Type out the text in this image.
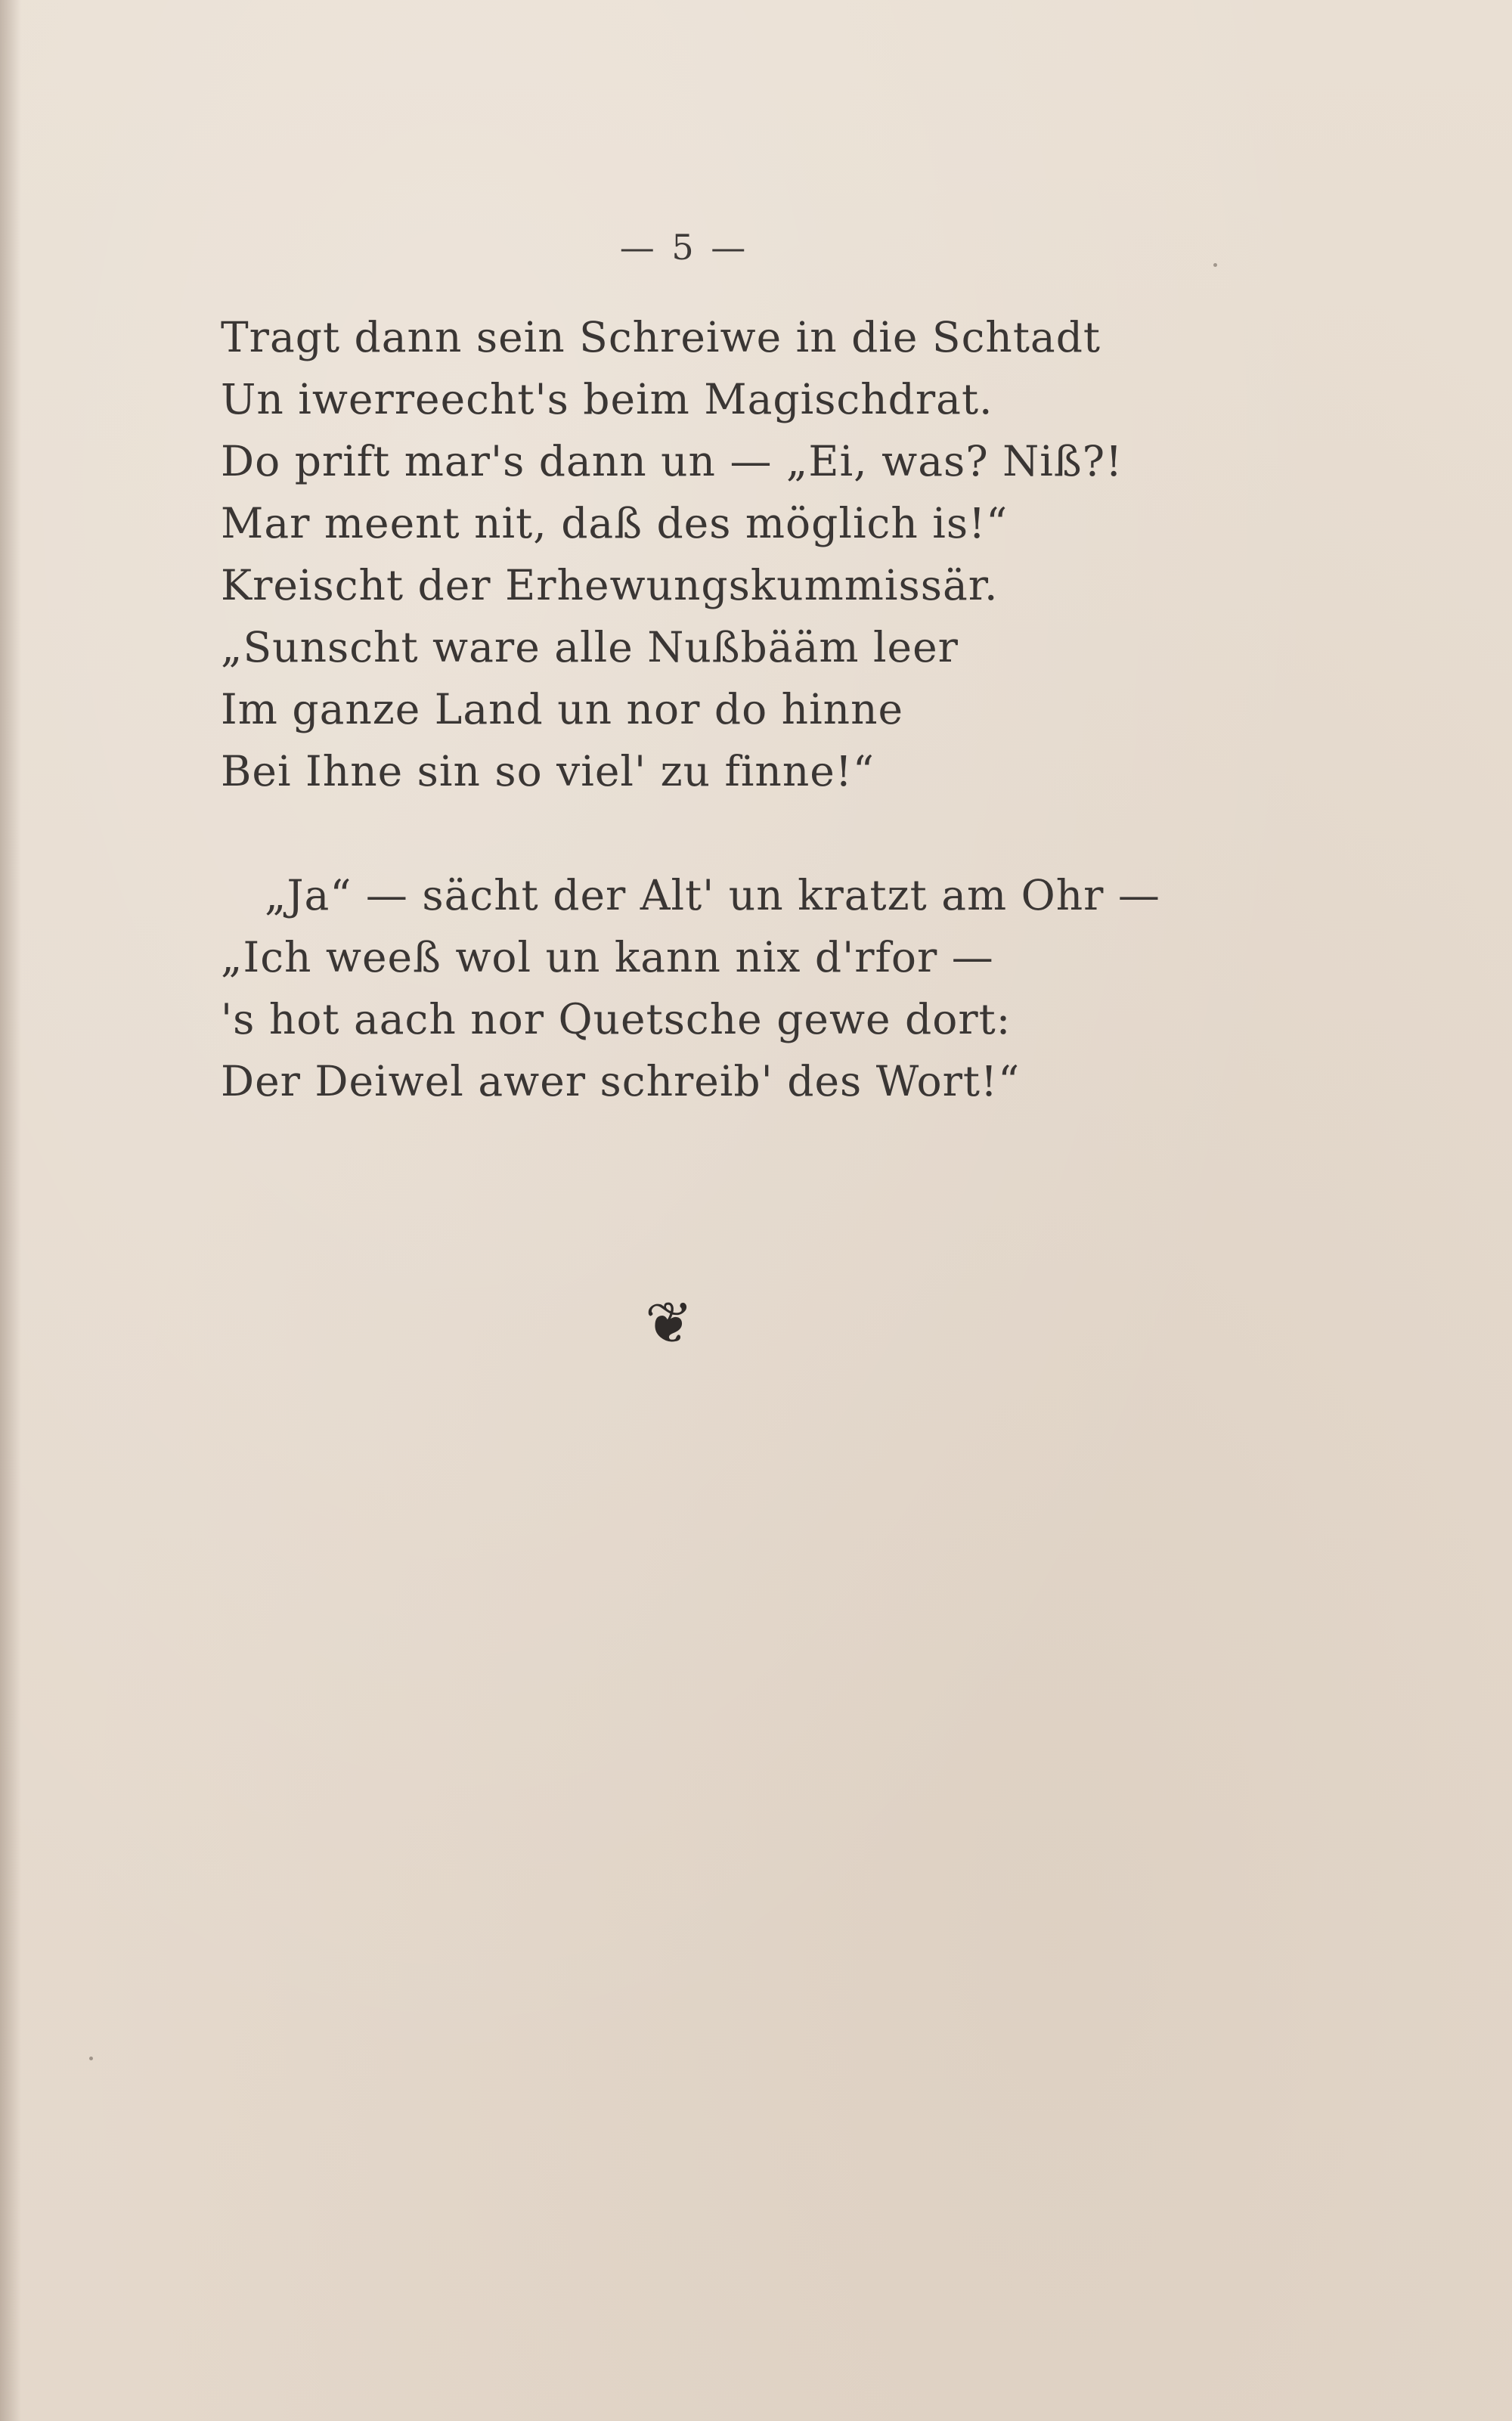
— 5 —
Tragt dann sein Schreiwe in die Schtadt
Un iwerreecht's beim Magischdrat.
Do prift mar's dann un — „Ei, was? Niß?!
Mar meent nit, daß des möglich is!“
Kreischt der Erhewungskummissär.
„Sunscht ware alle Nußbääm leer
Im ganze Land un nor do hinne
Bei Ihne sin so viel' zu finne!“
„Ja“ — sächt der Alt' un kratzt am Ohr —
„Ich weeß wol un kann nix d'rfor —
's hot aach nor Quetsche gewe dort:
Der Deiwel awer schreib' des Wort!“
❦
